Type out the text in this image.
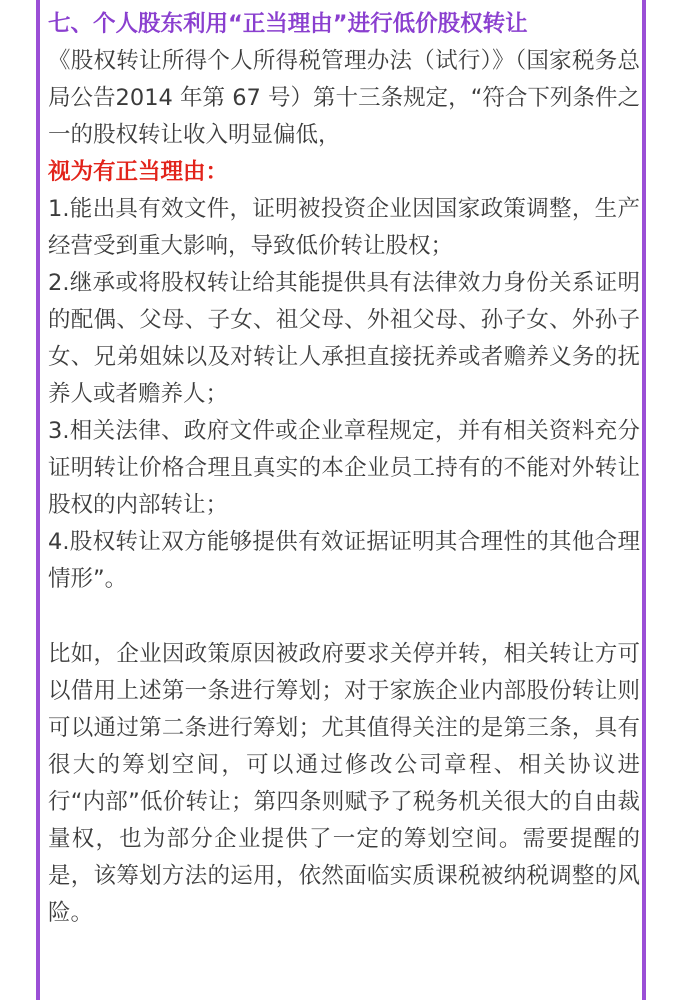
七、个人股东利用“正当理由”进行低价股权转让

《股权转让所得个人所得税管理办法（试行）》（国家税务总局公告2014 年第 67 号）第十三条规定，“符合下列条件之一的股权转让收入明显偏低，

视为有正当理由：

1.能出具有效文件，证明被投资企业因国家政策调整，生产经营受到重大影响，导致低价转让股权；

2.继承或将股权转让给其能提供具有法律效力身份关系证明的配偶、父母、子女、祖父母、外祖父母、孙子女、外孙子女、兄弟姐妹以及对转让人承担直接抚养或者赡养义务的抚养人或者赡养人；

3.相关法律、政府文件或企业章程规定，并有相关资料充分证明转让价格合理且真实的本企业员工持有的不能对外转让股权的内部转让；

4.股权转让双方能够提供有效证据证明其合理性的其他合理情形”。

比如，企业因政策原因被政府要求关停并转，相关转让方可以借用上述第一条进行筹划；对于家族企业内部股份转让则可以通过第二条进行筹划；尤其值得关注的是第三条，具有很大的筹划空间，可以通过修改公司章程、相关协议进行“内部”低价转让；第四条则赋予了税务机关很大的自由裁量权，也为部分企业提供了一定的筹划空间。需要提醒的是，该筹划方法的运用，依然面临实质课税被纳税调整的风险。
